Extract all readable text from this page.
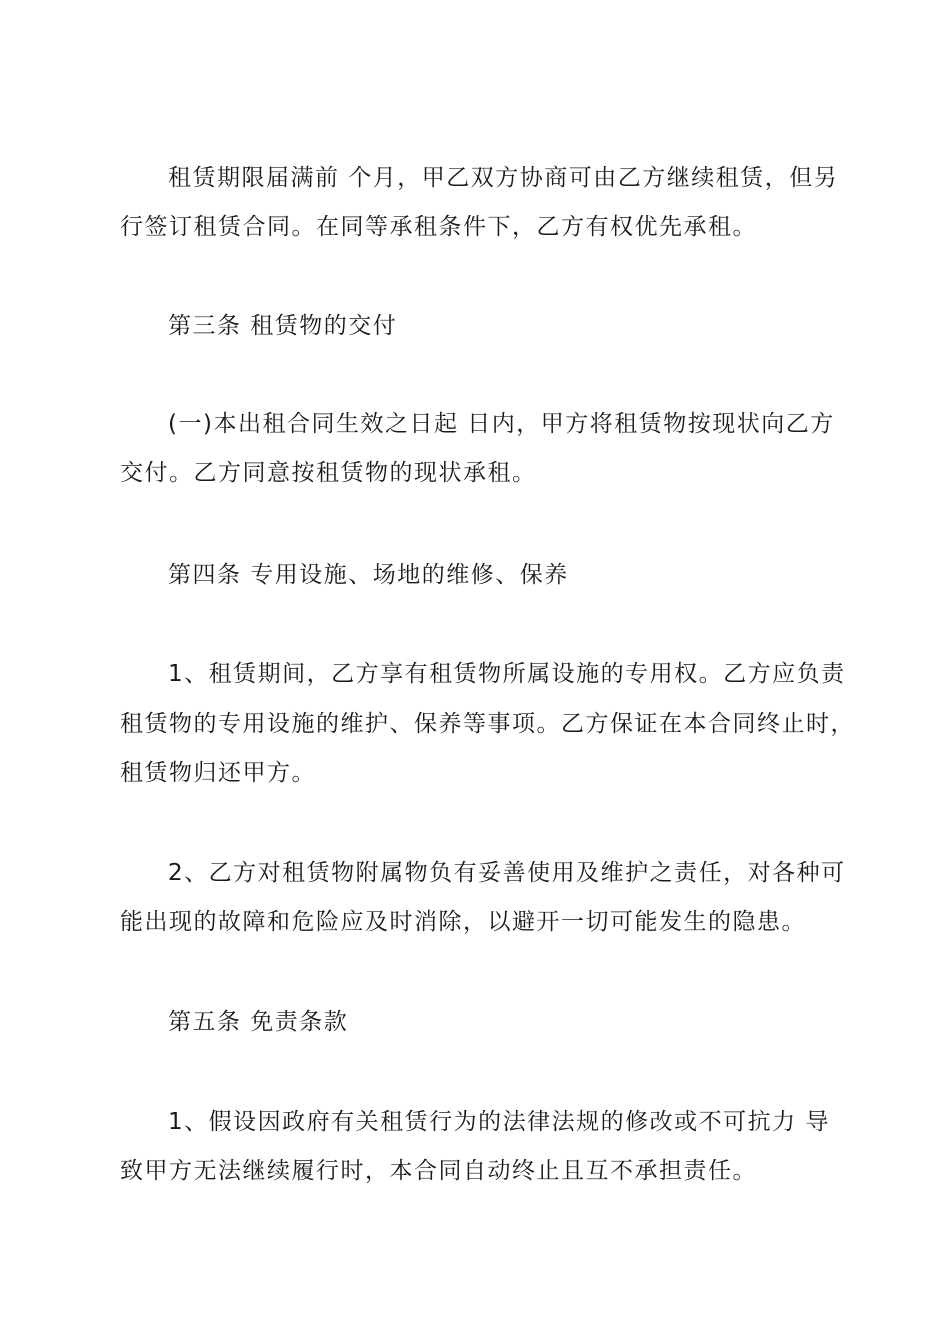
租赁期限届满前 个月，甲乙双方协商可由乙方继续租赁，但另
行签订租赁合同。在同等承租条件下，乙方有权优先承租。
第三条 租赁物的交付
(一)本出租合同生效之日起 日内，甲方将租赁物按现状向乙方
交付。乙方同意按租赁物的现状承租。
第四条 专用设施、场地的维修、保养
1、租赁期间，乙方享有租赁物所属设施的专用权。乙方应负责
租赁物的专用设施的维护、保养等事项。乙方保证在本合同终止时，
租赁物归还甲方。
2、乙方对租赁物附属物负有妥善使用及维护之责任，对各种可
能出现的故障和危险应及时消除，以避开一切可能发生的隐患。
第五条 免责条款
1、假设因政府有关租赁行为的法律法规的修改或不可抗力 导
致甲方无法继续履行时，本合同自动终止且互不承担责任。
